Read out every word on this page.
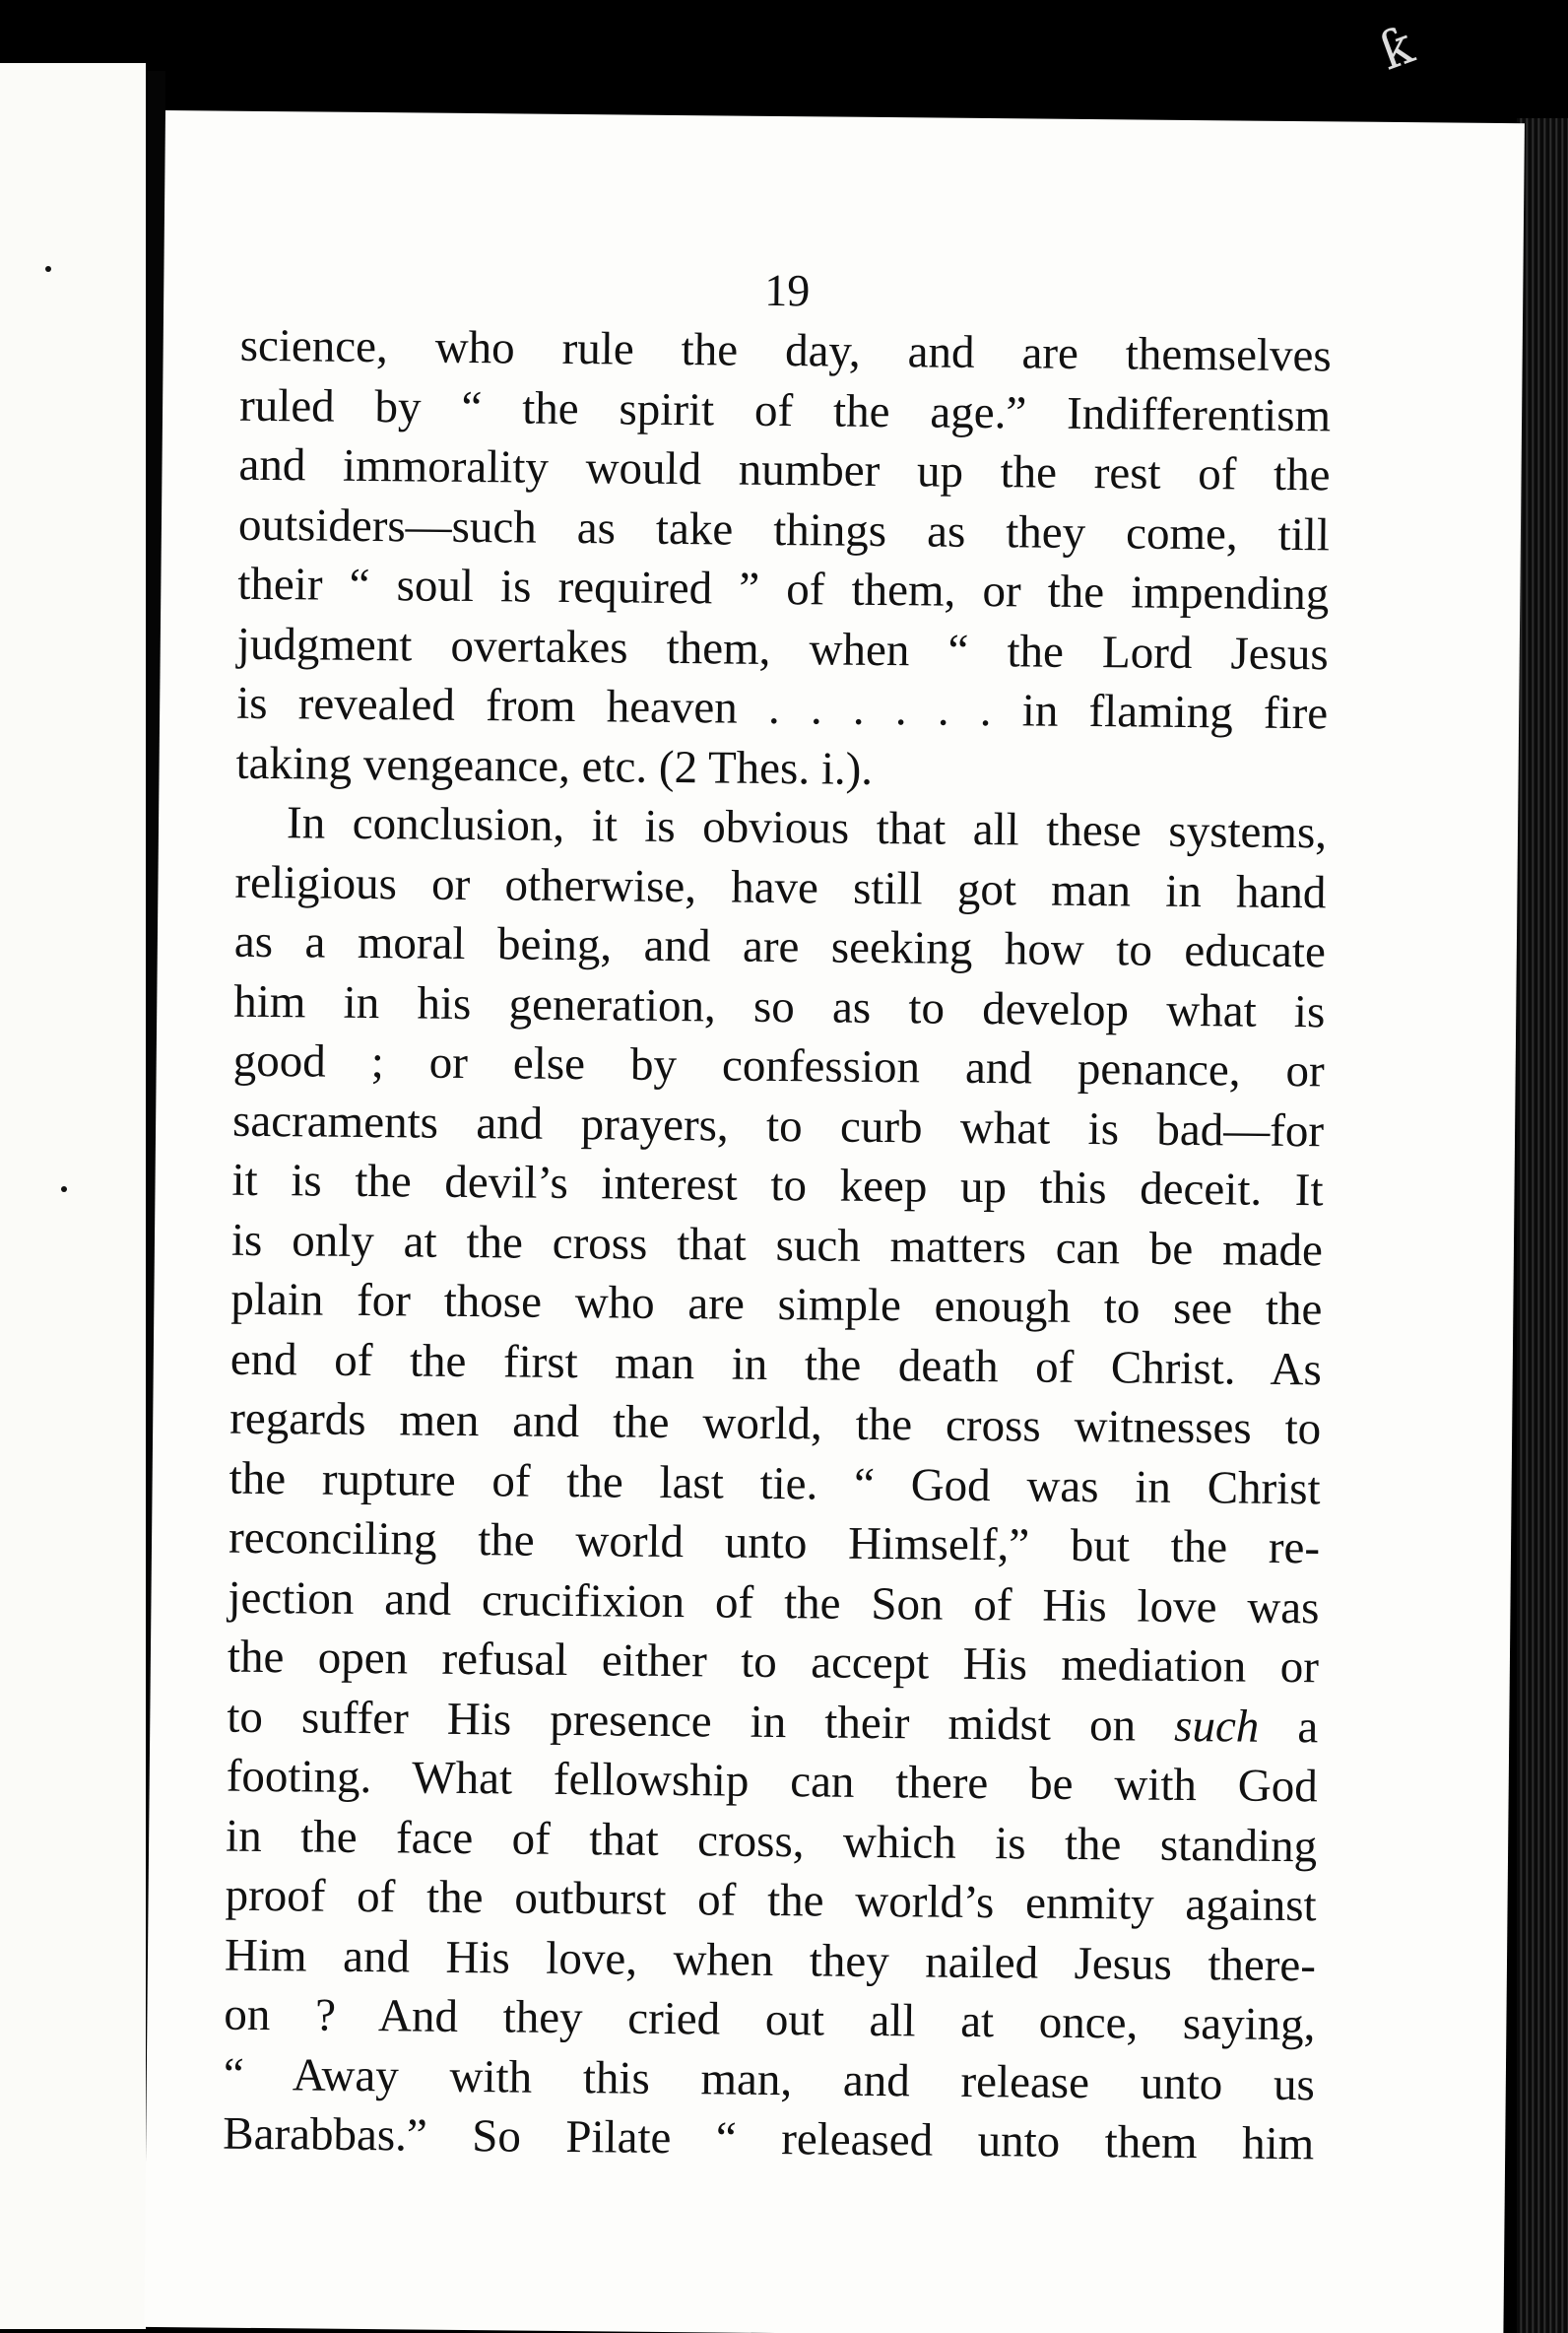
ƙ
19
science, who rule the day, and are themselves
ruled by “ the spirit of the age.” Indifferentism
and immorality would number up the rest of the
outsiders—such as take things as they come, till
their “ soul is required ” of them, or the impending
judgment overtakes them, when “ the Lord Jesus
is revealed from heaven . . . . . . in flaming fire
taking vengeance, etc. (2 Thes. i.).
In conclusion, it is obvious that all these systems,
religious or otherwise, have still got man in hand
as a moral being, and are seeking how to educate
him in his generation, so as to develop what is
good ; or else by confession and penance, or
sacraments and prayers, to curb what is bad—for
it is the devil’s interest to keep up this deceit. It
is only at the cross that such matters can be made
plain for those who are simple enough to see the
end of the first man in the death of Christ. As
regards men and the world, the cross witnesses to
the rupture of the last tie. “ God was in Christ
reconciling the world unto Himself,” but the re-
jection and crucifixion of the Son of His love was
the open refusal either to accept His mediation or
to suffer His presence in their midst on such a
footing. What fellowship can there be with God
in the face of that cross, which is the standing
proof of the outburst of the world’s enmity against
Him and His love, when they nailed Jesus there-
on ? And they cried out all at once, saying,
“ Away with this man, and release unto us
Barabbas.” So Pilate “ released unto them him
